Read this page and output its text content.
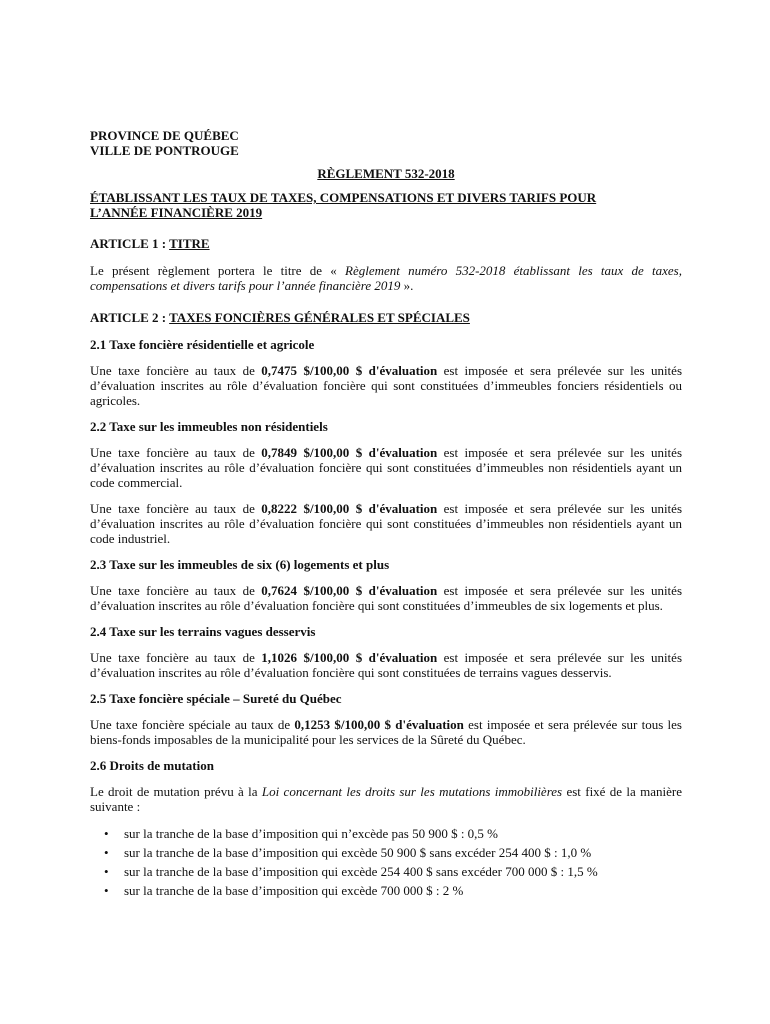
PROVINCE DE QUÉBEC
VILLE DE PONTROUGE
RÈGLEMENT 532-2018
ÉTABLISSANT LES TAUX DE TAXES, COMPENSATIONS ET DIVERS TARIFS POUR
L’ANNÉE FINANCIÈRE 2019
ARTICLE 1 : TITRE

Le présent règlement portera le titre de « Règlement numéro 532-2018 établissant les taux de taxes, compensations et divers tarifs pour l’année financière 2019 ».

ARTICLE 2 : TAXES FONCIÈRES GÉNÉRALES ET SPÉCIALES
2.1 Taxe foncière résidentielle et agricole

Une taxe foncière au taux de 0,7475 $/100,00 $ d'évaluation est imposée et sera prélevée sur les unités d’évaluation inscrites au rôle d’évaluation foncière qui sont constituées d’immeubles fonciers résidentiels ou agricoles.

2.2 Taxe sur les immeubles non résidentiels

Une taxe foncière au taux de 0,7849 $/100,00 $ d'évaluation est imposée et sera prélevée sur les unités d’évaluation inscrites au rôle d’évaluation foncière qui sont constituées d’immeubles non résidentiels ayant un code commercial.

Une taxe foncière au taux de 0,8222 $/100,00 $ d'évaluation est imposée et sera prélevée sur les unités d’évaluation inscrites au rôle d’évaluation foncière qui sont constituées d’immeubles non résidentiels ayant un code industriel.

2.3 Taxe sur les immeubles de six (6) logements et plus

Une taxe foncière au taux de 0,7624 $/100,00 $ d'évaluation est imposée et sera prélevée sur les unités d’évaluation inscrites au rôle d’évaluation foncière qui sont constituées d’immeubles de six logements et plus.

2.4 Taxe sur les terrains vagues desservis

Une taxe foncière au taux de 1,1026 $/100,00 $ d'évaluation est imposée et sera prélevée sur les unités d’évaluation inscrites au rôle d’évaluation foncière qui sont constituées de terrains vagues desservis.

2.5 Taxe foncière spéciale – Sureté du Québec

Une taxe foncière spéciale au taux de 0,1253 $/100,00 $ d'évaluation est imposée et sera prélevée sur tous les biens-fonds imposables de la municipalité pour les services de la Sûreté du Québec.

2.6 Droits de mutation

Le droit de mutation prévu à la Loi concernant les droits sur les mutations immobilières est fixé de la manière suivante :

• sur la tranche de la base d’imposition qui n’excède pas 50 900 $ : 0,5 %
• sur la tranche de la base d’imposition qui excède 50 900 $ sans excéder 254 400 $ : 1,0 %
• sur la tranche de la base d’imposition qui excède 254 400 $ sans excéder 700 000 $ : 1,5 %
• sur la tranche de la base d’imposition qui excède 700 000 $ : 2 %
